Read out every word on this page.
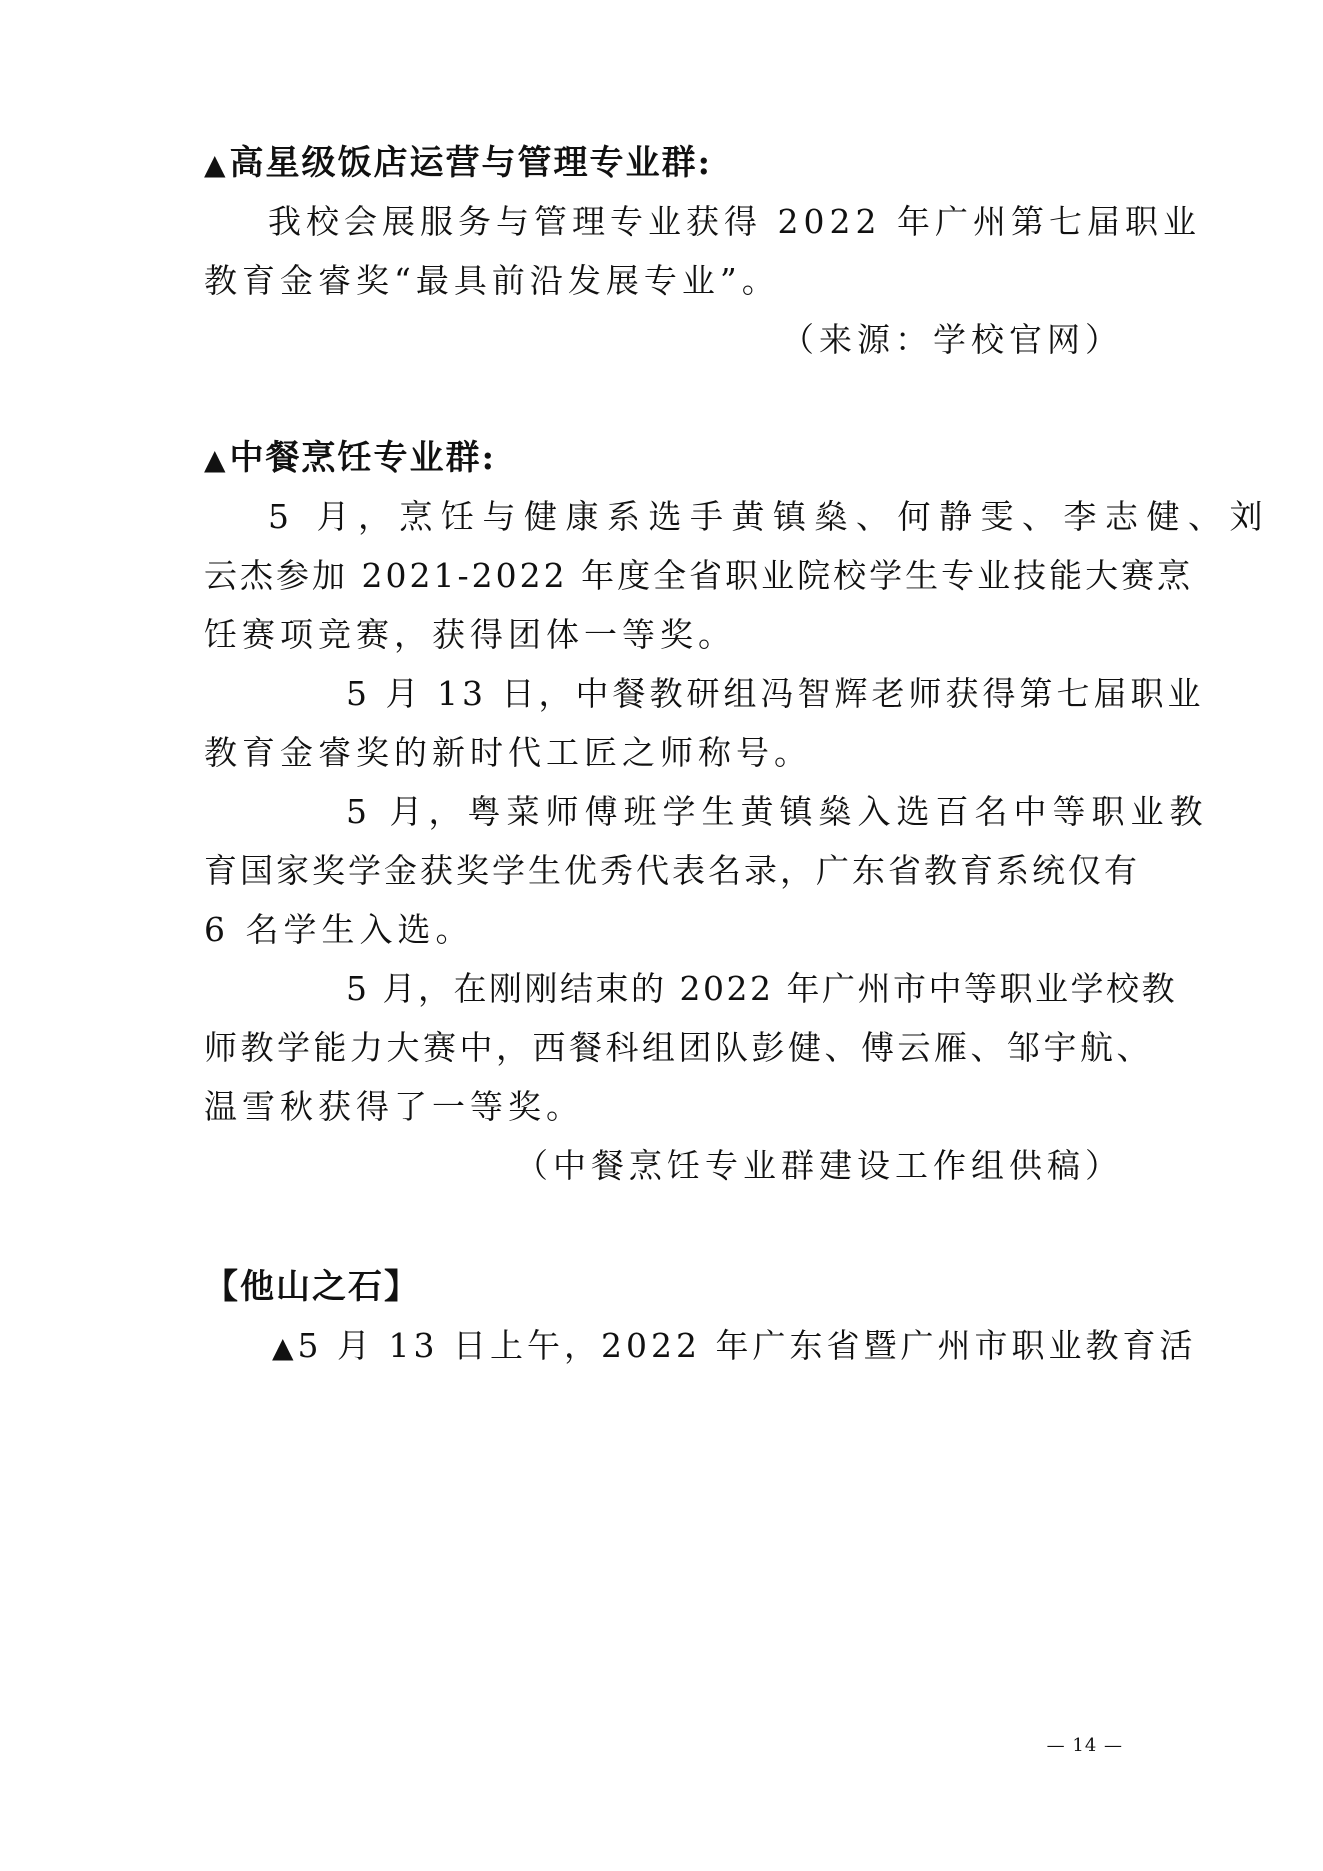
▲高星级饭店运营与管理专业群:
我校会展服务与管理专业获得 2022 年广州第七届职业
教育金睿奖“最具前沿发展专业”。
（来源：学校官网）
▲中餐烹饪专业群:
5 月，烹饪与健康系选手黄镇燊、何静雯、李志健、刘
云杰参加 2021-2022 年度全省职业院校学生专业技能大赛烹
饪赛项竞赛，获得团体一等奖。
5 月 13 日，中餐教研组冯智辉老师获得第七届职业
教育金睿奖的新时代工匠之师称号。
5 月，粤菜师傅班学生黄镇燊入选百名中等职业教
育国家奖学金获奖学生优秀代表名录，广东省教育系统仅有
6 名学生入选。
5 月，在刚刚结束的 2022 年广州市中等职业学校教
师教学能力大赛中，西餐科组团队彭健、傅云雁、邹宇航、
温雪秋获得了一等奖。
（中餐烹饪专业群建设工作组供稿）
【他山之石】
▲5 月 13 日上午，2022 年广东省暨广州市职业教育活
— 14 —
